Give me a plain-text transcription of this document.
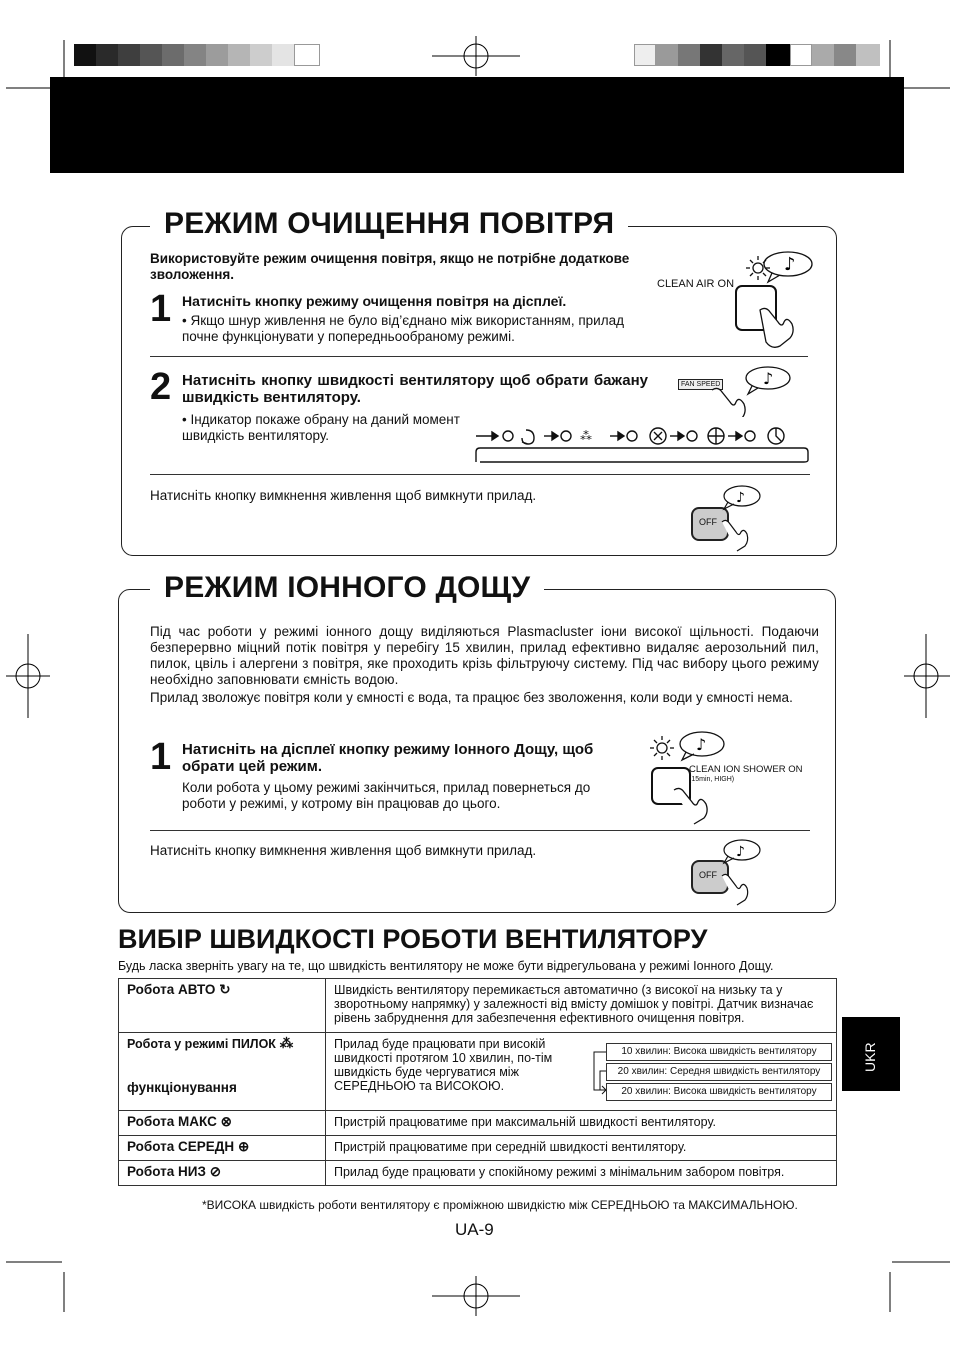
РЕЖИМ ОЧИЩЕННЯ ПОВІТРЯ
Використовуйте режим очищення повітря, якщо не потрібне додаткове зволоження.
1 Натисніть кнопку режиму очищення повітря на дісплеї.
• Якщо шнур живлення не було від’єднано між використанням, прилад почне функціонувати у попередньообраному режимі.
CLEAN AIR ON
♪
2 Натисніть кнопку швидкості вентилятору щоб обрати бажану швидкість вентилятору.
• Індикатор покаже обрану на даний момент швидкість вентилятору.
FAN SPEED	♪
⁂
Натисніть кнопку вимкнення живлення щоб вимкнути прилад.
OFF
♪
РЕЖИМ ІОННОГО ДОЩУ
Під час роботи у режимі іонного дощу виділяються Plasmacluster іони високої щільності. Подаючи безперервно міцний потік повітря у перебігу 15 хвилин, прилад ефективно видаляє аерозольний пил, пилок, цвіль і алергени з повітря, яке проходить крізь фільтруючу систему. Під час вибору цього режиму необхідно заповнювати ємність водою.
Прилад зволожує повітря коли у ємності є вода, та працює без зволоження, коли води у ємності нема.
1 Натисніть на дісплеї кнопку режиму Іонного Дощу, щоб обрати цей режим.
Коли робота у цьому режимі закінчиться, прилад повернеться до роботи у режимі, у котрому він працював до цього.
♪
CLEAN ION SHOWER ON
(15min, HIGH)
Натисніть кнопку вимкнення живлення щоб вимкнути прилад.
OFF
♪
ВИБІР ШВИДКОСТІ РОБОТИ ВЕНТИЛЯТОРУ
Будь ласка зверніть увагу на те, що швидкість вентилятору не може бути відрегульована у режимі Іонного Дощу.
Робота АВТО ↻	Швидкість вентилятору перемикається автоматично (з високої на низьку та у зворотньому напрямку) у залежності від вмісту домішок у повітрі. Датчик визначає рівень забруднення для забезпечення ефективного очищення повітря.
Робота у режимі ПИЛОК ⁂
функціонування	Прилад буде працювати при високій швидкості протягом 10 хвилин, по-тім швидкість буде чергуватися між СЕРЕДНЬОЮ та ВИСОКОЮ.

Робота МАКС ⊗	Пристрій працюватиме при максимальній швидкості вентилятору.
Робота СЕРЕДН ⊕	Пристрій працюватиме при середній швидкості вентилятору.
Робота НИЗ ⊘	Прилад буде працювати у спокійному режимі з мінімальним забором повітря.
10 хвилин: Висока швидкість вентилятору
20 хвилин: Середня швидкість вентилятору
20 хвилин: Висока швидкість вентилятору
*ВИСОКА швидкість роботи вентилятору є проміжною швидкістю між СЕРЕДНЬОЮ та МАКСИМАЛЬНОЮ.
UKR
UA-9
